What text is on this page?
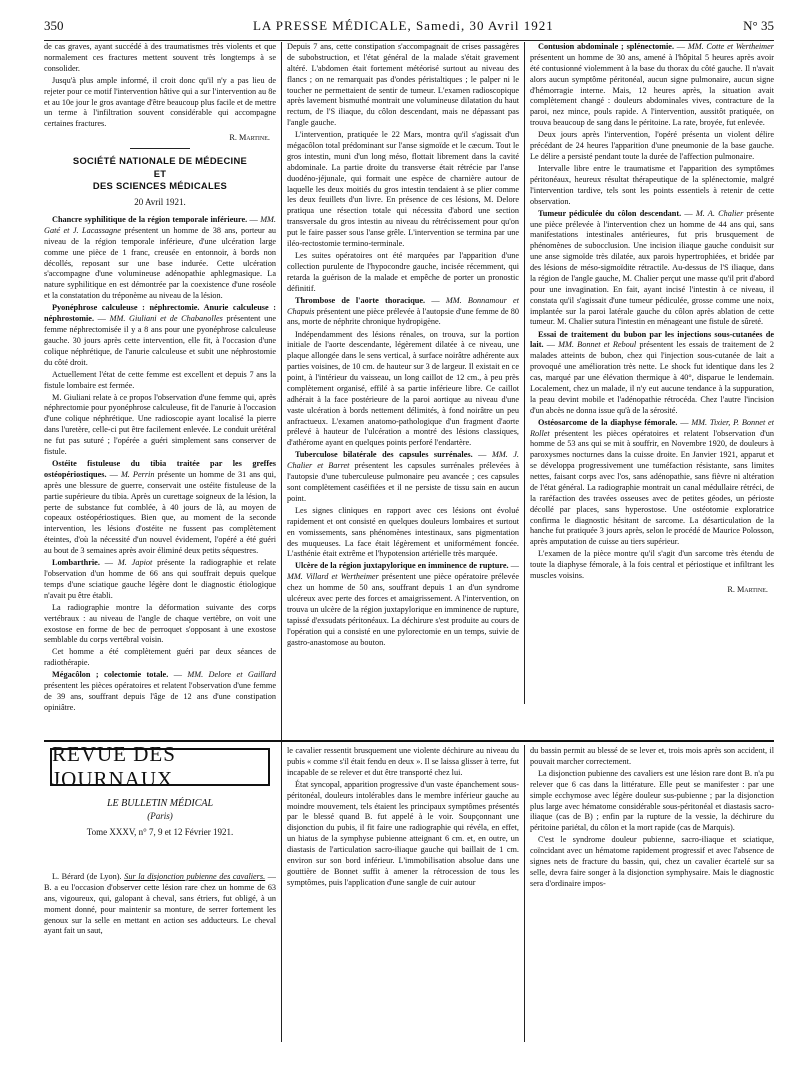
350	LA PRESSE MÉDICALE, Samedi, 30 Avril 1921	N° 35

de cas graves, ayant succédé à des traumatismes très violents et que normalement ces fractures mettent souvent très longtemps à se consolider.

Jusqu'à plus ample informé, il croit donc qu'il n'y a pas lieu de rejeter pour ce motif l'intervention hâtive qui a sur l'intervention au 8e et au 10e jour le gros avantage d'être beaucoup plus facile et de mettre un terme à l'infiltration souvent considérable qui accompagne certaines fractures.

R. Martine.

SOCIÉTÉ NATIONALE DE MÉDECINE
ET
DES SCIENCES MÉDICALES
20 Avril 1921.

Chancre syphilitique de la région temporale inférieure. — MM. Gaté et J. Lacassagne présentent un homme de 38 ans, porteur au niveau de la région temporale inférieure, d'une ulcération large comme une pièce de 1 franc, creusée en entonnoir, à bords non décollés, reposant sur une base indurée. Cette ulcération s'accompagne d'une volumineuse adénopathie aphlegmasique. La nature syphilitique en est démontrée par la coexistence d'une roséole et la constatation du tréponème au niveau de la lésion.

Pyonéphrose calculeuse : néphrectomie. Anurie calculeuse : néphrostomie. — MM. Giuliani et de Chabanolles présentent une femme néphrectomisée il y a 8 ans pour une pyonéphrose calculeuse gauche. 30 jours après cette intervention, elle fit, à l'occasion d'une colique néphrétique, de l'anurie calculeuse et subit une néphrostomie du côté droit.

Actuellement l'état de cette femme est excellent et depuis 7 ans la fistule lombaire est fermée.

M. Giuliani relate à ce propos l'observation d'une femme qui, après néphrectomie pour pyonéphrose calculeuse, fit de l'anurie à l'occasion d'une colique néphrétique. Une radioscopie ayant localisé la pierre dans l'uretère, celle-ci put être facilement enlevée. Le conduit urétéral ne fut pas suturé ; l'opérée a guéri simplement sans conserver de fistule.

Ostéite fistuleuse du tibia traitée par les greffes ostéopériostiques. — M. Perrin présente un homme de 31 ans qui, après une blessure de guerre, conservait une ostéite fistuleuse de la partie supérieure du tibia. Après un curettage soigneux de la lésion, la perte de substance fut comblée, à 40 jours de là, au moyen de copeaux ostéopériostiques. Bien que, au moment de la seconde intervention, les lésions d'ostéite ne fussent pas complètement éteintes, d'où la nécessité d'un nouvel évidement, l'opéré a été guéri au bout de 3 semaines après avoir éliminé deux petits séquestres.

Lombarthrie. — M. Japiot présente la radiographie et relate l'observation d'un homme de 66 ans qui souffrait depuis quelque temps d'une sciatique gauche légère dont le diagnostic étiologique n'avait pu être établi.

La radiographie montre la déformation suivante des corps vertébraux : au niveau de l'angle de chaque vertèbre, on voit une exostose en forme de bec de perroquet s'opposant à une exostose semblable du corps vertébral voisin.

Cet homme a été complètement guéri par deux séances de radiothérapie.

Mégacôlon ; colectomie totale. — MM. Delore et Gaillard présentent les pièces opératoires et relatent l'observation d'une femme de 39 ans, souffrant depuis l'âge de 12 ans d'une constipation opiniâtre.

Depuis 7 ans, cette constipation s'accompagnait de crises passagères de subobstruction, et l'état général de la malade s'était gravement altéré. L'abdomen était fortement météorisé surtout au niveau des flancs ; on ne remarquait pas d'ondes péristaltiques ; le palper ni le toucher ne permettaient de sentir de tumeur. L'examen radioscopique après lavement bismuthé montrait une volumineuse dilatation du haut rectum, de l'S iliaque, du côlon descendant, mais ne dépassant pas l'angle gauche.

L'intervention, pratiquée le 22 Mars, montra qu'il s'agissait d'un mégacôlon total prédominant sur l'anse sigmoïde et le cæcum. Tout le gros intestin, muni d'un long méso, flottait librement dans la cavité abdominale. La partie droite du transverse était rétrécie par l'anse duodéno-jéjunale, qui formait une espèce de charnière autour de laquelle les deux moitiés du gros intestin tendaient à se plier comme les deux feuillets d'un livre. En présence de ces lésions, M. Delore pratiqua une résection totale qui nécessita d'abord une section transversale du gros intestin au niveau du rétrécissement pour qu'on put le faire passer sous l'anse grêle. L'intervention se termina par une iléo-rectostomie termino-terminale.

Les suites opératoires ont été marquées par l'apparition d'une collection purulente de l'hypocondre gauche, incisée récemment, qui retarda la guérison de la malade et empêche de porter un pronostic définitif.

Thrombose de l'aorte thoracique. — MM. Bonnamour et Chapuis présentent une pièce prélevée à l'autopsie d'une femme de 80 ans, morte de néphrite chronique hydropigène.

Indépendamment des lésions rénales, on trouva, sur la portion initiale de l'aorte descendante, légèrement dilatée à ce niveau, une plaque allongée dans le sens vertical, à surface noirâtre adhérente aux parties voisines, de 10 cm. de hauteur sur 3 de largeur. Il existait en ce point, à l'intérieur du vaisseau, un long caillot de 12 cm., à peu près complètement organisé, effilé à sa partie inférieure libre. Ce caillot adhérait à la face postérieure de la paroi aortique au niveau d'une vaste ulcération à bords nettement délimités, à fond noirâtre un peu anfractueux. L'examen anatomo-pathologique d'un fragment d'aorte prélevé à hauteur de l'ulcération a montré des lésions classiques, d'athérome ayant en quelques points perforé l'endartère.

Tuberculose bilatérale des capsules surrénales. — MM. J. Chalier et Barret présentent les capsules surrénales prélevées à l'autopsie d'une tuberculeuse pulmonaire peu avancée ; ces capsules sont complètement caséifiées et il ne persiste de tissu sain en aucun point.

Les signes cliniques en rapport avec ces lésions ont évolué rapidement et ont consisté en quelques douleurs lombaires et surtout en vomissements, sans phénomènes intestinaux, sans pigmentation des muqueuses. La face était légèrement et uniformément foncée. L'asthénie était extrême et l'hypotension artérielle très marquée.

Ulcère de la région juxtapylorique en imminence de rupture. — MM. Villard et Wertheimer présentent une pièce opératoire prélevée chez un homme de 50 ans, souffrant depuis 1 an d'un syndrome ulcéreux avec perte des forces et amaigrissement. A l'intervention, on trouva un ulcère de la région juxtapylorique en imminence de rupture, tapissé d'exsudats péritonéaux. La déchirure s'est produite au cours de l'opération qui a consisté en une pylorectomie en un temps, suivie de gastro-anastomose au bouton.

Contusion abdominale ; splénectomie. — MM. Cotte et Wertheimer présentent un homme de 30 ans, amené à l'hôpital 5 heures après avoir été contusionné violemment à la base du thorax du côté gauche. Il n'avait alors aucun symptôme péritonéal, aucun signe pulmonaire, aucun signe d'hémorragie interne. Mais, 12 heures après, la situation avait complètement changé : douleurs abdominales vives, contracture de la paroi, nez mince, pouls rapide. A l'intervention, aussitôt pratiquée, on trouva beaucoup de sang dans le péritoine. La rate, broyée, fut enlevée.

Deux jours après l'intervention, l'opéré présenta un violent délire précédant de 24 heures l'apparition d'une pneumonie de la base gauche. Le délire a persisté pendant toute la durée de l'affection pulmonaire.

Intervalle libre entre le traumatisme et l'apparition des symptômes péritonéaux, heureux résultat thérapeutique de la splénectomie, malgré l'intervention tardive, tels sont les points essentiels à retenir de cette observation.

Tumeur pédiculée du côlon descendant. — M. A. Chalier présente une pièce prélevée à l'intervention chez un homme de 44 ans qui, sans manifestations intestinales antérieures, fut pris brusquement de phénomènes de subocclusion. Une incision iliaque gauche conduisit sur une anse sigmoïde très dilatée, aux parois hypertrophiées, et bridée par des lésions de méso-sigmoïdite rétractile. Au-dessus de l'S iliaque, dans la région de l'angle gauche, M. Chalier perçut une masse qu'il prit d'abord pour une invagination. En fait, ayant incisé l'intestin à ce niveau, il constata qu'il s'agissait d'une tumeur pédiculée, grosse comme une noix, implantée sur la paroi latérale gauche du côlon après ablation de cette tumeur. M. Chalier sutura l'intestin en ménageant une fistule de sûreté.

Essai de traitement du bubon par les injections sous-cutanées de lait. — MM. Bonnet et Reboul présentent les essais de traitement de 2 malades atteints de bubon, chez qui l'injection sous-cutanée de lait a provoqué une amélioration très nette. Le shock fut identique dans les 2 cas, marqué par une élévation thermique à 40°, disparue le lendemain. Localement, chez un malade, il n'y eut aucune tendance à la suppuration, la peau devint mobile et l'adénopathie rétrocéda. Chez l'autre l'incision d'un abcès ne donna issue qu'à de la sérosité.

Ostéosarcome de la diaphyse fémorale. — MM. Tixier, P. Bonnet et Rollet présentent les pièces opératoires et relatent l'observation d'un homme de 53 ans qui se mit à souffrir, en Novembre 1920, de douleurs à paroxysmes nocturnes dans la cuisse droite. En Janvier 1921, apparut et se développa progressivement une tuméfaction résistante, sans limites nettes, faisant corps avec l'os, sans adénopathie, sans fièvre ni altération de l'état général. La radiographie montrait un canal médullaire rétréci, de la raréfaction des travées osseuses avec de petites géodes, un périoste décollé par places, sans hyperostose. Une ostéotomie exploratrice confirma le diagnostic hésitant de sarcome. La désarticulation de la hanche fut pratiquée 3 jours après, selon le procédé de Maurice Polosson, après amputation de cuisse au tiers supérieur.

L'examen de la pièce montre qu'il s'agit d'un sarcome très étendu de toute la diaphyse fémorale, à la fois central et périostique et infiltrant les muscles voisins.

R. Martine.

REVUE DES JOURNAUX
LE BULLETIN MÉDICAL
(Paris)
Tome XXXV, n° 7, 9 et 12 Février 1921.

L. Bérard (de Lyon). Sur la disjonction pubienne des cavaliers. — B. a eu l'occasion d'observer cette lésion rare chez un homme de 63 ans, vigoureux, qui, galopant à cheval, sans étriers, fut obligé, à un moment donné, pour maintenir sa monture, de serrer fortement les genoux sur la selle en mettant en action ses adducteurs. Le cheval ayant fait un saut,

le cavalier ressentit brusquement une violente déchirure au niveau du pubis « comme s'il était fendu en deux ». Il se laissa glisser à terre, fut incapable de se relever et dut être transporté chez lui.

État syncopal, apparition progressive d'un vaste épanchement sous-péritonéal, douleurs intolérables dans le membre inférieur gauche au moindre mouvement, tels étaient les principaux symptômes présentés par le blessé quand B. fut appelé à le voir. Soupçonnant une disjonction du pubis, il fit faire une radiographie qui révéla, en effet, un hiatus de la symphyse pubienne atteignant 6 cm. et, en outre, un diastasis de l'articulation sacro-iliaque gauche qui baillait de 1 cm. environ sur son bord inférieur. L'immobilisation absolue dans une gouttière de Bonnet suffit à amener la rétrocession de tous les symptômes, puis l'application d'une sangle de cuir autour

du bassin permit au blessé de se lever et, trois mois après son accident, il pouvait marcher correctement.

La disjonction pubienne des cavaliers est une lésion rare dont B. n'a pu relever que 6 cas dans la littérature. Elle peut se manifester : par une simple ecchymose avec légère douleur sus-pubienne ; par la disjonction plus large avec hématome considérable sous-péritonéal et diastasis sacro-iliaque (cas de B) ; enfin par la rupture de la vessie, la déchirure du péritoine pariétal, du côlon et la mort rapide (cas de Marquis).

C'est le syndrome douleur pubienne, sacro-iliaque et sciatique, coïncidant avec un hématome rapidement progressif et avec l'absence de signes nets de fracture du bassin, qui, chez un cavalier écartelé sur sa selle, devra faire songer à la disjonction symphysaire. Mais le diagnostic sera d'ordinaire impos-
